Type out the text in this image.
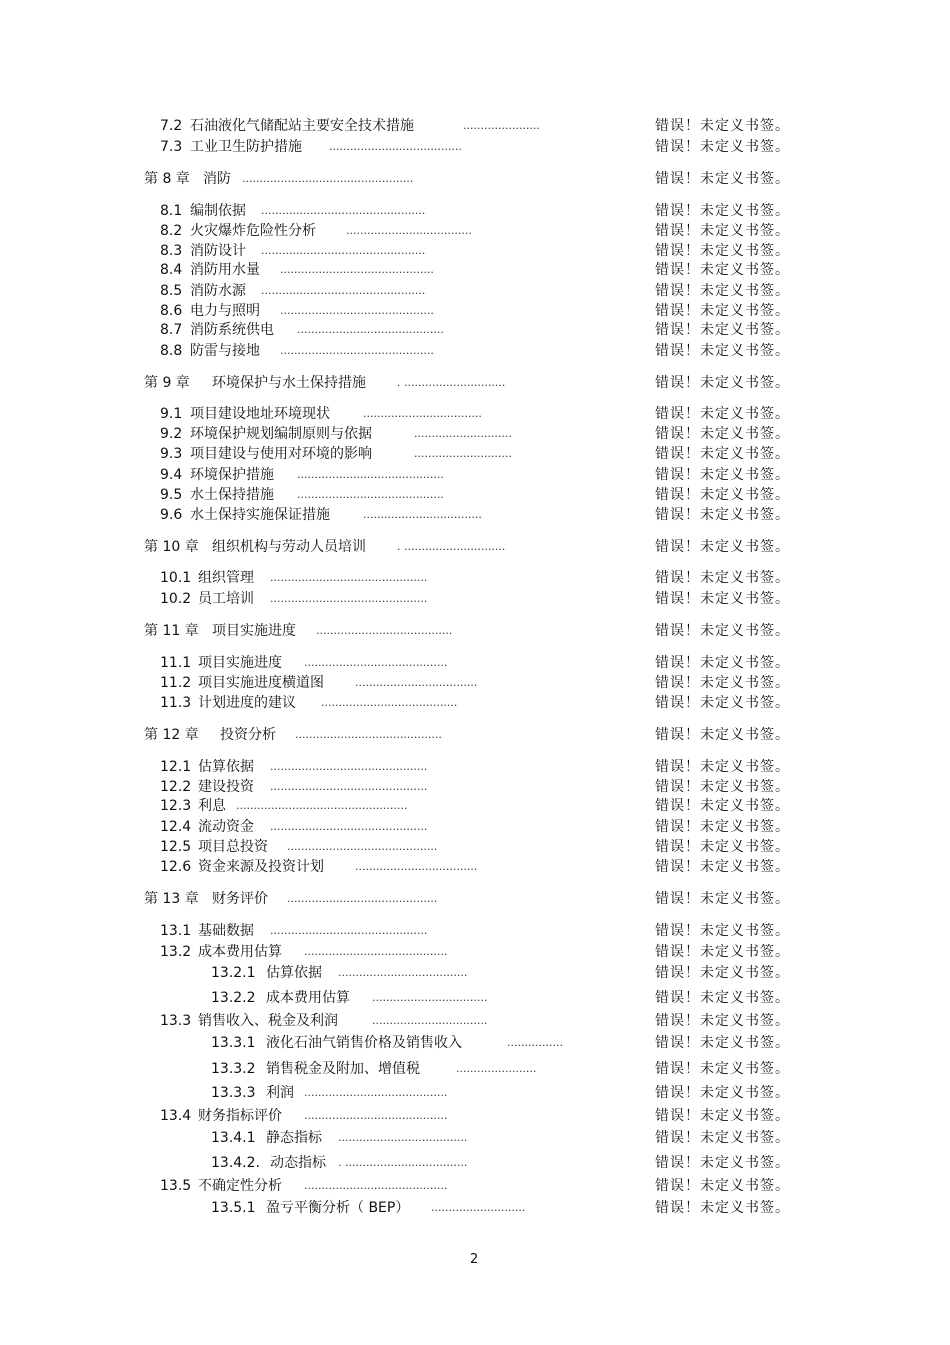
7.2 石油液化气储配站主要安全技术措施	......................	错误！未定义书签。
7.3 工业卫生防护措施 ......................................	错误！未定义书签。
第 8 章 消防 .................................................	错误！未定义书签。
8.1 编制依据 ...............................................	错误！未定义书签。
8.2 火灾爆炸危险性分析	....................................	错误！未定义书签。
8.3 消防设计 ...............................................	错误！未定义书签。
8.4 消防用水量 ............................................	错误！未定义书签。
8.5 消防水源 ...............................................	错误！未定义书签。
8.6 电力与照明 ............................................	错误！未定义书签。
8.7 消防系统供电 ..........................................	错误！未定义书签。
8.8 防雷与接地 ............................................	错误！未定义书签。
第 9 章 环境保护与水土保持措施	. .............................	错误！未定义书签。
9.1 项目建设地址环境现状	..................................	错误！未定义书签。
9.2 环境保护规划编制原则与依据	............................	错误！未定义书签。
9.3 项目建设与使用对环境的影响	............................	错误！未定义书签。
9.4 环境保护措施 ..........................................	错误！未定义书签。
9.5 水土保持措施 ..........................................	错误！未定义书签。
9.6 水土保持实施保证措施	..................................	错误！未定义书签。
第 10 章 组织机构与劳动人员培训	. .............................	错误！未定义书签。
10.1 组织管理 .............................................	错误！未定义书签。
10.2 员工培训 .............................................	错误！未定义书签。
第 11 章 项目实施进度 .......................................	错误！未定义书签。
11.1 项目实施进度 .........................................	错误！未定义书签。
11.2 项目实施进度横道图	...................................	错误！未定义书签。
11.3 计划进度的建议 .......................................	错误！未定义书签。
第 12 章 投资分析 ..........................................	错误！未定义书签。
12.1 估算依据 .............................................	错误！未定义书签。
12.2 建设投资 .............................................	错误！未定义书签。
12.3 利息 .................................................	错误！未定义书签。
12.4 流动资金 .............................................	错误！未定义书签。
12.5 项目总投资 ...........................................	错误！未定义书签。
12.6 资金来源及投资计划	...................................	错误！未定义书签。
第 13 章 财务评价 ...........................................	错误！未定义书签。
13.1 基础数据 .............................................	错误！未定义书签。
13.2 成本费用估算 .........................................	错误！未定义书签。
13.2.1 估算依据 .....................................	错误！未定义书签。
13.2.2 成本费用估算 .................................	错误！未定义书签。
13.3 销售收入、税金及利润	.................................	错误！未定义书签。
13.3.1 液化石油气销售价格及销售收入	................	错误！未定义书签。
13.3.2 销售税金及附加、增值税	.......................	错误！未定义书签。
13.3.3 利润 .........................................	错误！未定义书签。
13.4 财务指标评价 .........................................	错误！未定义书签。
13.4.1 静态指标 .....................................	错误！未定义书签。
13.4.2. 动态指标 . ...................................	错误！未定义书签。
13.5 不确定性分析 .........................................	错误！未定义书签。
13.5.1 盈亏平衡分析（ BEP） ...........................	错误！未定义书签。
2
